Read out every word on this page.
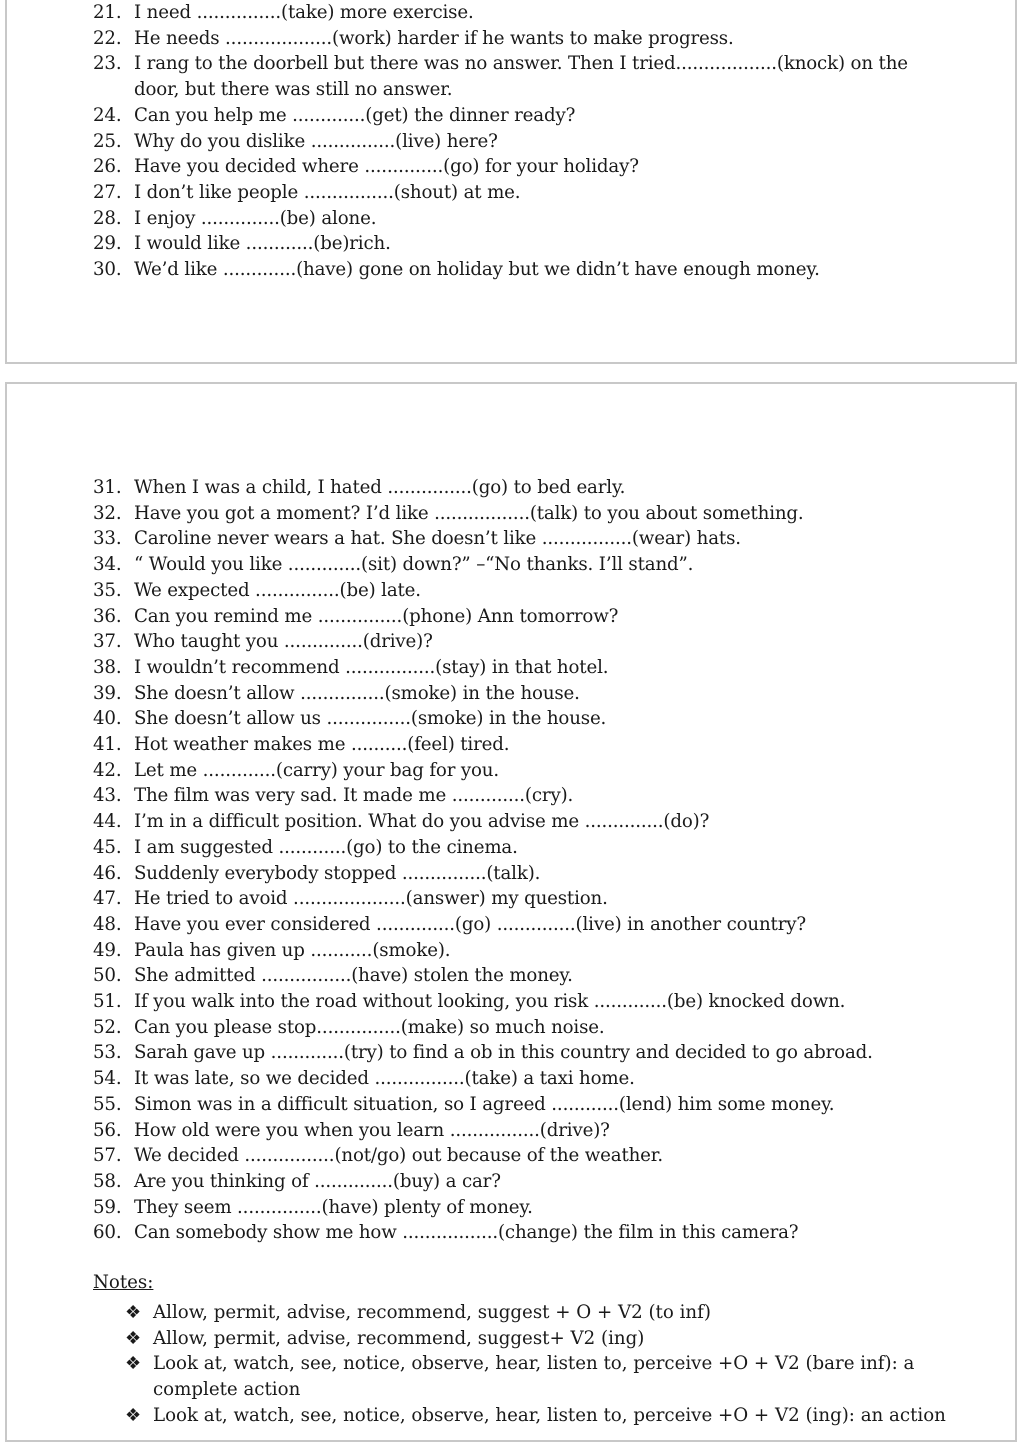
21. I need ...............(take) more exercise.
22. He needs ...................(work) harder if he wants to make progress.
23. I rang to the doorbell but there was no answer. Then I tried..................(knock) on the
door, but there was still no answer.
24. Can you help me .............(get) the dinner ready?
25. Why do you dislike ...............(live) here?
26. Have you decided where ..............(go) for your holiday?
27. I don’t like people ................(shout) at me.
28. I enjoy ..............(be) alone.
29. I would like ............(be)rich.
30. We’d like .............(have) gone on holiday but we didn’t have enough money.
31. When I was a child, I hated ...............(go) to bed early.
32. Have you got a moment? I’d like .................(talk) to you about something.
33. Caroline never wears a hat. She doesn’t like ................(wear) hats.
34. “ Would you like .............(sit) down?” –“No thanks. I’ll stand”.
35. We expected ...............(be) late.
36. Can you remind me ...............(phone) Ann tomorrow?
37. Who taught you ..............(drive)?
38. I wouldn’t recommend ................(stay) in that hotel.
39. She doesn’t allow ...............(smoke) in the house.
40. She doesn’t allow us ...............(smoke) in the house.
41. Hot weather makes me ..........(feel) tired.
42. Let me .............(carry) your bag for you.
43. The film was very sad. It made me .............(cry).
44. I’m in a difficult position. What do you advise me ..............(do)?
45. I am suggested ............(go) to the cinema.
46. Suddenly everybody stopped ...............(talk).
47. He tried to avoid ....................(answer) my question.
48. Have you ever considered ..............(go) ..............(live) in another country?
49. Paula has given up ...........(smoke).
50. She admitted ................(have) stolen the money.
51. If you walk into the road without looking, you risk .............(be) knocked down.
52. Can you please stop...............(make) so much noise.
53. Sarah gave up .............(try) to find a ob in this country and decided to go abroad.
54. It was late, so we decided ................(take) a taxi home.
55. Simon was in a difficult situation, so I agreed ............(lend) him some money.
56. How old were you when you learn ................(drive)?
57. We decided ................(not/go) out because of the weather.
58. Are you thinking of ..............(buy) a car?
59. They seem ...............(have) plenty of money.
60. Can somebody show me how .................(change) the film in this camera?
Notes:
❖ Allow, permit, advise, recommend, suggest + O + V2 (to inf)
❖ Allow, permit, advise, recommend, suggest+ V2 (ing)
❖ Look at, watch, see, notice, observe, hear, listen to, perceive +O + V2 (bare inf): a complete action
❖ Look at, watch, see, notice, observe, hear, listen to, perceive +O + V2 (ing): an action
